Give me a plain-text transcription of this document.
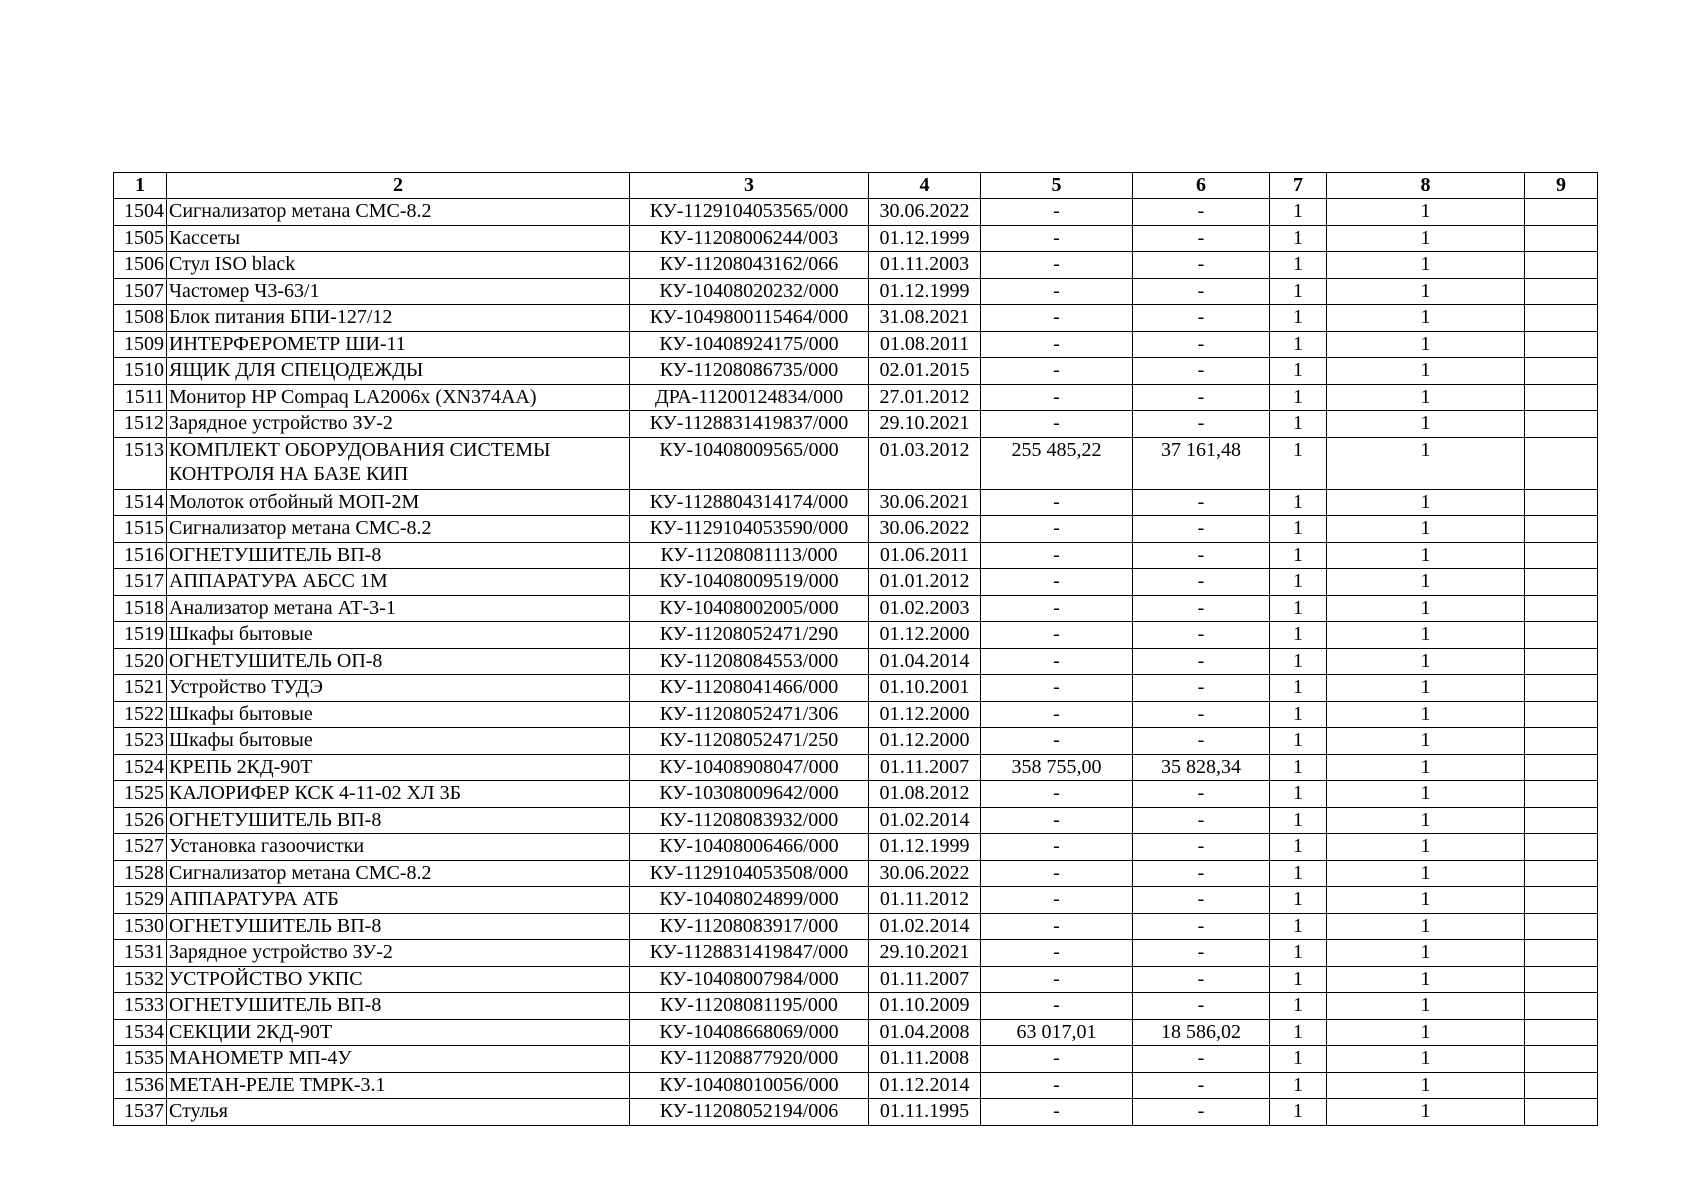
1	2	3	4	5	6	7	8	9
1504	Сигнализатор метана СМС-8.2	КУ-1129104053565/000	30.06.2022	-	-	1	1	
1505	Кассеты	КУ-11208006244/003	01.12.1999	-	-	1	1	
1506	Стул ISO black	КУ-11208043162/066	01.11.2003	-	-	1	1	
1507	Частомер Ч3-63/1	КУ-10408020232/000	01.12.1999	-	-	1	1	
1508	Блок питания БПИ-127/12	КУ-1049800115464/000	31.08.2021	-	-	1	1	
1509	ИНТЕРФЕРОМЕТР ШИ-11	КУ-10408924175/000	01.08.2011	-	-	1	1	
1510	ЯЩИК ДЛЯ СПЕЦОДЕЖДЫ	КУ-11208086735/000	02.01.2015	-	-	1	1	
1511	Монитор HP Compaq LA2006x (XN374AA)	ДРА-11200124834/000	27.01.2012	-	-	1	1	
1512	Зарядное устройство ЗУ-2	КУ-1128831419837/000	29.10.2021	-	-	1	1	
1513	КОМПЛЕКТ ОБОРУДОВАНИЯ СИСТЕМЫ КОНТРОЛЯ НА БАЗЕ КИП	КУ-10408009565/000	01.03.2012	255 485,22	37 161,48	1	1	
1514	Молоток отбойный МОП-2М	КУ-1128804314174/000	30.06.2021	-	-	1	1	
1515	Сигнализатор метана СМС-8.2	КУ-1129104053590/000	30.06.2022	-	-	1	1	
1516	ОГНЕТУШИТЕЛЬ ВП-8	КУ-11208081113/000	01.06.2011	-	-	1	1	
1517	АППАРАТУРА АБСС 1М	КУ-10408009519/000	01.01.2012	-	-	1	1	
1518	Анализатор метана АТ-3-1	КУ-10408002005/000	01.02.2003	-	-	1	1	
1519	Шкафы бытовые	КУ-11208052471/290	01.12.2000	-	-	1	1	
1520	ОГНЕТУШИТЕЛЬ ОП-8	КУ-11208084553/000	01.04.2014	-	-	1	1	
1521	Устройство ТУДЭ	КУ-11208041466/000	01.10.2001	-	-	1	1	
1522	Шкафы бытовые	КУ-11208052471/306	01.12.2000	-	-	1	1	
1523	Шкафы бытовые	КУ-11208052471/250	01.12.2000	-	-	1	1	
1524	КРЕПЬ 2КД-90Т	КУ-10408908047/000	01.11.2007	358 755,00	35 828,34	1	1	
1525	КАЛОРИФЕР КСК 4-11-02 ХЛ 3Б	КУ-10308009642/000	01.08.2012	-	-	1	1	
1526	ОГНЕТУШИТЕЛЬ ВП-8	КУ-11208083932/000	01.02.2014	-	-	1	1	
1527	Установка газоочистки	КУ-10408006466/000	01.12.1999	-	-	1	1	
1528	Сигнализатор метана СМС-8.2	КУ-1129104053508/000	30.06.2022	-	-	1	1	
1529	АППАРАТУРА АТБ	КУ-10408024899/000	01.11.2012	-	-	1	1	
1530	ОГНЕТУШИТЕЛЬ ВП-8	КУ-11208083917/000	01.02.2014	-	-	1	1	
1531	Зарядное устройство ЗУ-2	КУ-1128831419847/000	29.10.2021	-	-	1	1	
1532	УСТРОЙСТВО УКПС	КУ-10408007984/000	01.11.2007	-	-	1	1	
1533	ОГНЕТУШИТЕЛЬ ВП-8	КУ-11208081195/000	01.10.2009	-	-	1	1	
1534	СЕКЦИИ 2КД-90Т	КУ-10408668069/000	01.04.2008	63 017,01	18 586,02	1	1	
1535	МАНОМЕТР МП-4У	КУ-11208877920/000	01.11.2008	-	-	1	1	
1536	МЕТАН-РЕЛЕ ТМРК-3.1	КУ-10408010056/000	01.12.2014	-	-	1	1	
1537	Стулья	КУ-11208052194/006	01.11.1995	-	-	1	1	
